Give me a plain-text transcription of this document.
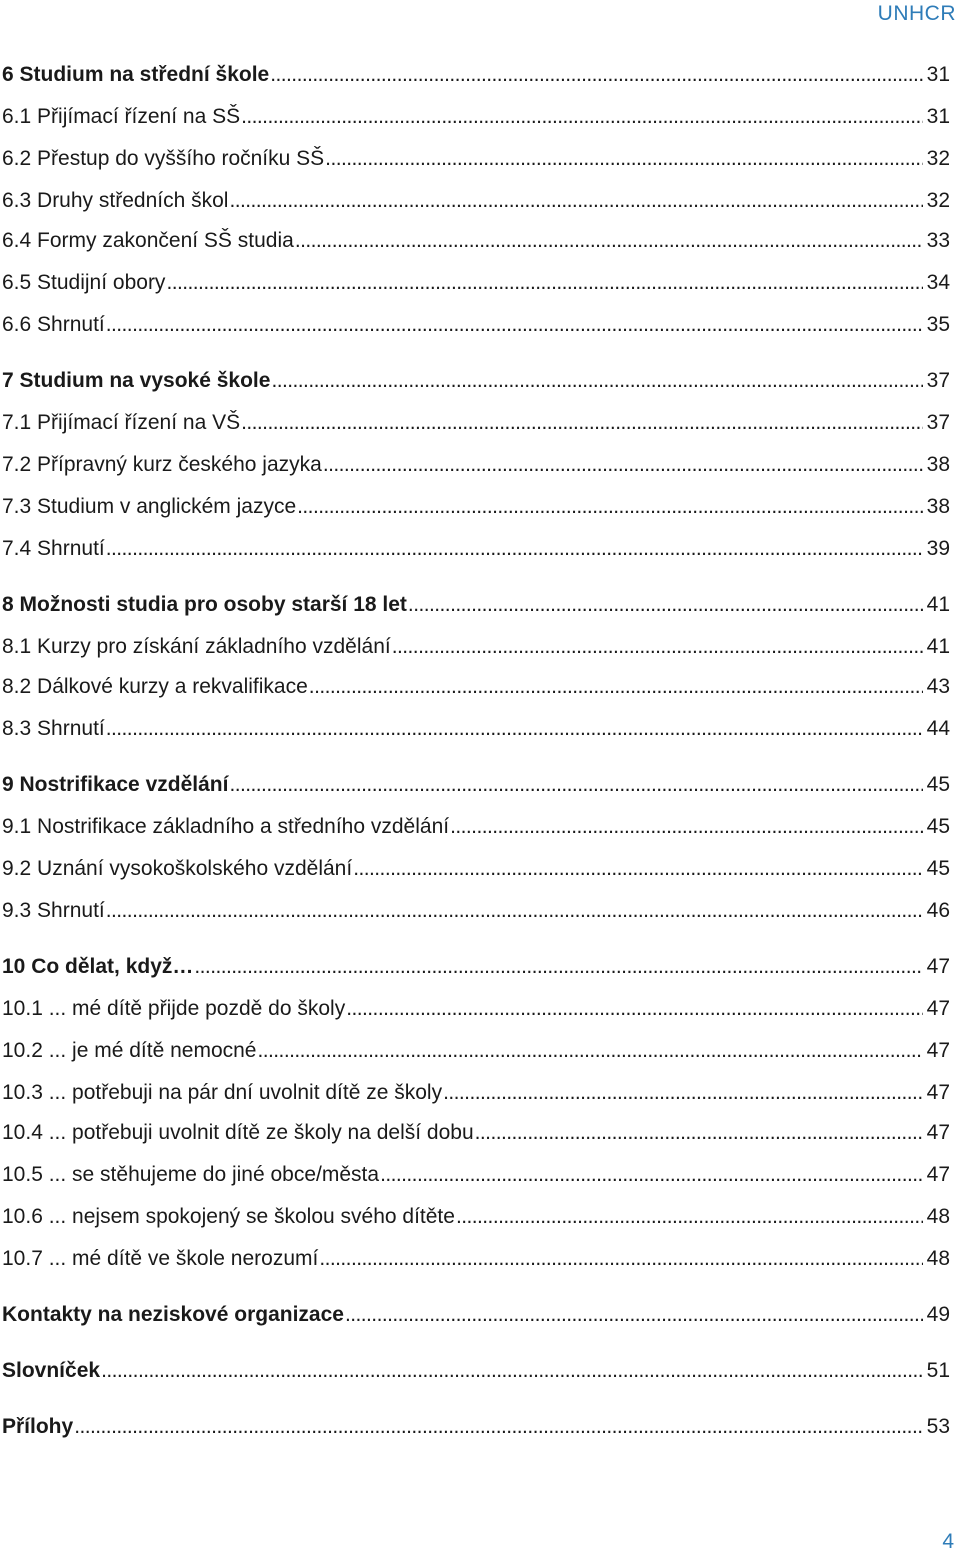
UNHCR
6 Studium na střední škole . . .	31
6.1 Přijímací řízení na SŠ . . .	31
6.2 Přestup do vyššího ročníku SŠ . . .	32
6.3 Druhy středních škol . . .	32
6.4 Formy zakončení SŠ studia . . .	33
6.5 Studijní obory . . .	34
6.6 Shrnutí . . .	35
7 Studium na vysoké škole . . .	37
7.1 Přijímací řízení na VŠ . . .	37
7.2 Přípravný kurz českého jazyka . . .	38
7.3 Studium v anglickém jazyce . . .	38
7.4 Shrnutí . . .	39
8 Možnosti studia pro osoby starší 18 let . . .	41
8.1 Kurzy pro získání základního vzdělání . . .	41
8.2 Dálkové kurzy a rekvalifikace . . .	43
8.3 Shrnutí . . .	44
9 Nostrifikace vzdělání . . .	45
9.1 Nostrifikace základního a středního vzdělání . . .	45
9.2 Uznání vysokoškolského vzdělání . . .	45
9.3 Shrnutí . . .	46
10 Co dělat, když… . . .	47
10.1 ... mé dítě přijde pozdě do školy . . .	47
10.2 ... je mé dítě nemocné . . .	47
10.3 ... potřebuji na pár dní uvolnit dítě ze školy . . .	47
10.4 ... potřebuji uvolnit dítě ze školy na delší dobu . . .	47
10.5 ... se stěhujeme do jiné obce/města . . .	47
10.6 ... nejsem spokojený se školou svého dítěte . . .	48
10.7 ... mé dítě ve škole nerozumí . . .	48
Kontakty na neziskové organizace . . .	49
Slovníček . . .	51
Přílohy . . .	53
4
